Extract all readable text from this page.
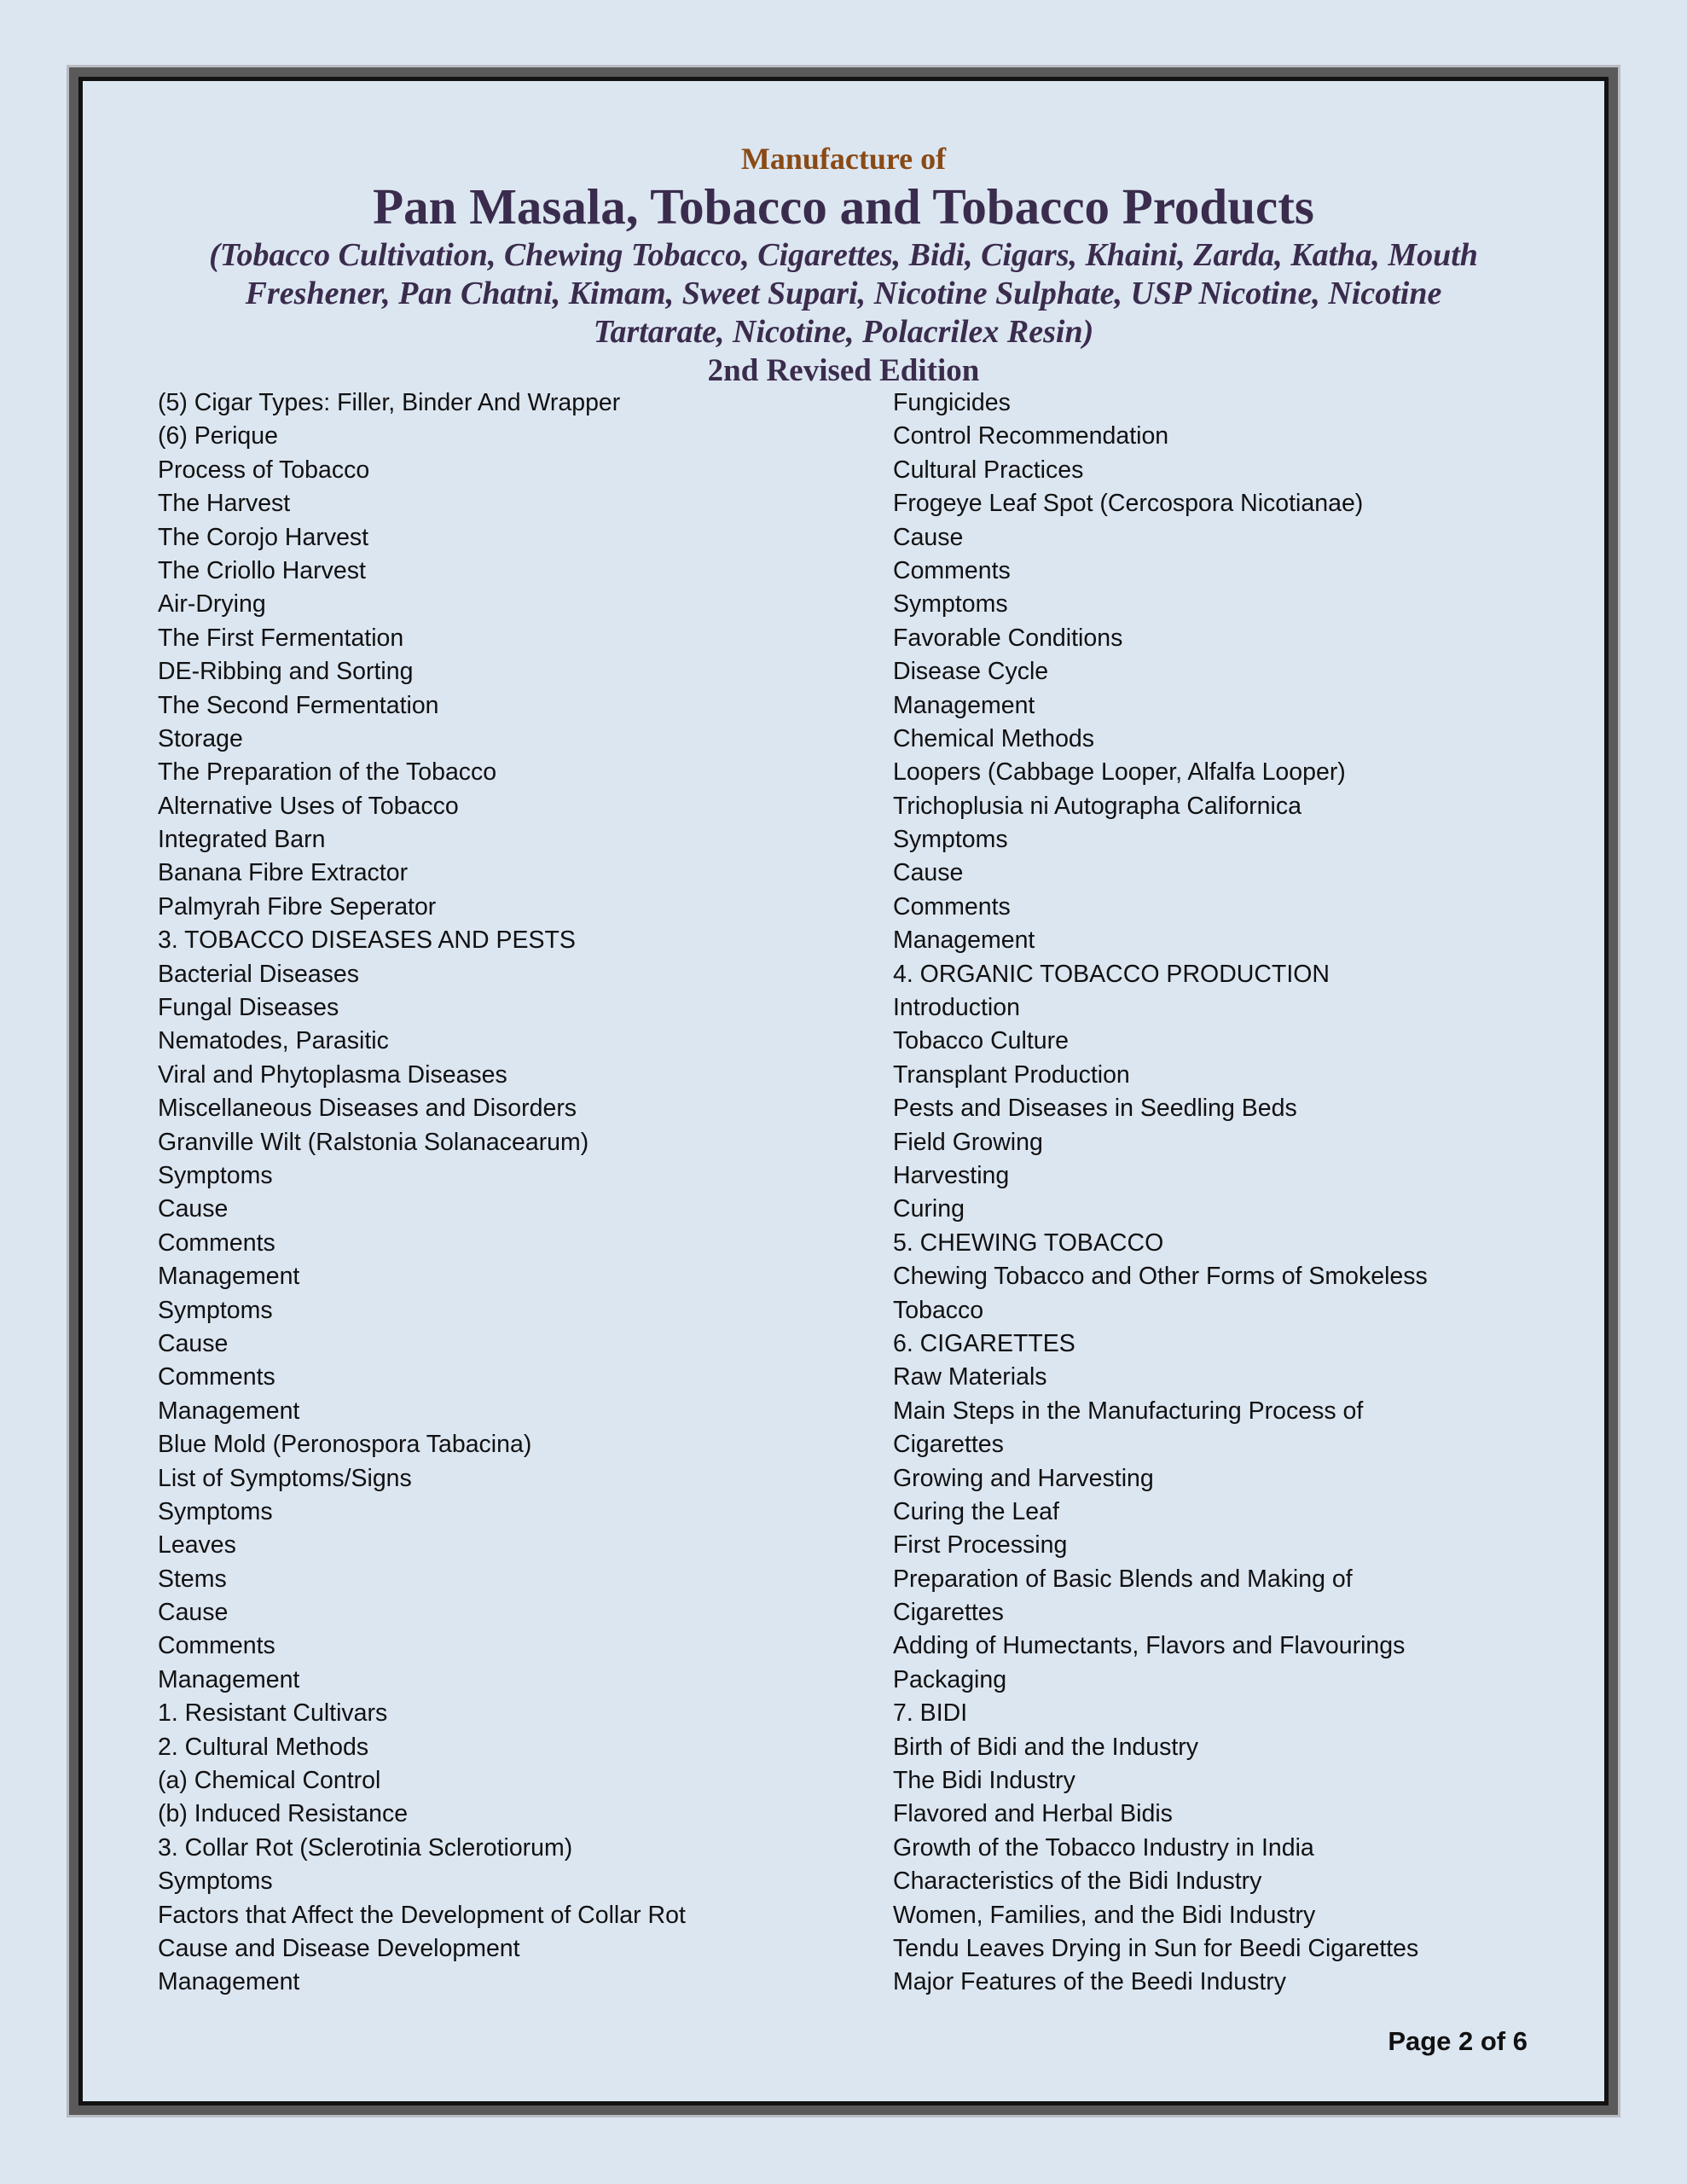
Manufacture of
Pan Masala, Tobacco and Tobacco Products
(Tobacco Cultivation, Chewing Tobacco, Cigarettes, Bidi, Cigars, Khaini, Zarda, Katha, Mouth Freshener, Pan Chatni, Kimam, Sweet Supari, Nicotine Sulphate, USP Nicotine, Nicotine Tartarate, Nicotine, Polacrilex Resin)
2nd Revised Edition
(5) Cigar Types: Filler, Binder And Wrapper
(6) Perique
Process of Tobacco
The Harvest
The Corojo Harvest
The Criollo Harvest
Air-Drying
The First Fermentation
DE-Ribbing and Sorting
The Second Fermentation
Storage
The Preparation of the Tobacco
Alternative Uses of Tobacco
Integrated Barn
Banana Fibre Extractor
Palmyrah Fibre Seperator
3. TOBACCO DISEASES AND PESTS
Bacterial Diseases
Fungal Diseases
Nematodes, Parasitic
Viral and Phytoplasma Diseases
Miscellaneous Diseases and Disorders
Granville Wilt (Ralstonia Solanacearum)
Symptoms
Cause
Comments
Management
Symptoms
Cause
Comments
Management
Blue Mold (Peronospora Tabacina)
List of Symptoms/Signs
Symptoms
Leaves
Stems
Cause
Comments
Management
1. Resistant Cultivars
2. Cultural Methods
(a) Chemical Control
(b) Induced Resistance
3. Collar Rot (Sclerotinia Sclerotiorum)
Symptoms
Factors that Affect the Development of Collar Rot
Cause and Disease Development
Management
Fungicides
Control Recommendation
Cultural Practices
Frogeye Leaf Spot (Cercospora Nicotianae)
Cause
Comments
Symptoms
Favorable Conditions
Disease Cycle
Management
Chemical Methods
Loopers (Cabbage Looper, Alfalfa Looper)
Trichoplusia ni Autographa Californica
Symptoms
Cause
Comments
Management
4. ORGANIC TOBACCO PRODUCTION
Introduction
Tobacco Culture
Transplant Production
Pests and Diseases in Seedling Beds
Field Growing
Harvesting
Curing
5. CHEWING TOBACCO
Chewing Tobacco and Other Forms of Smokeless
Tobacco
6. CIGARETTES
Raw Materials
Main Steps in the Manufacturing Process of
Cigarettes
Growing and Harvesting
Curing the Leaf
First Processing
Preparation of Basic Blends and Making of
Cigarettes
Adding of Humectants, Flavors and Flavourings
Packaging
7. BIDI
Birth of Bidi and the Industry
The Bidi Industry
Flavored and Herbal Bidis
Growth of the Tobacco Industry in India
Characteristics of the Bidi Industry
Women, Families, and the Bidi Industry
Tendu Leaves Drying in Sun for Beedi Cigarettes
Major Features of the Beedi Industry
Page 2 of 6
